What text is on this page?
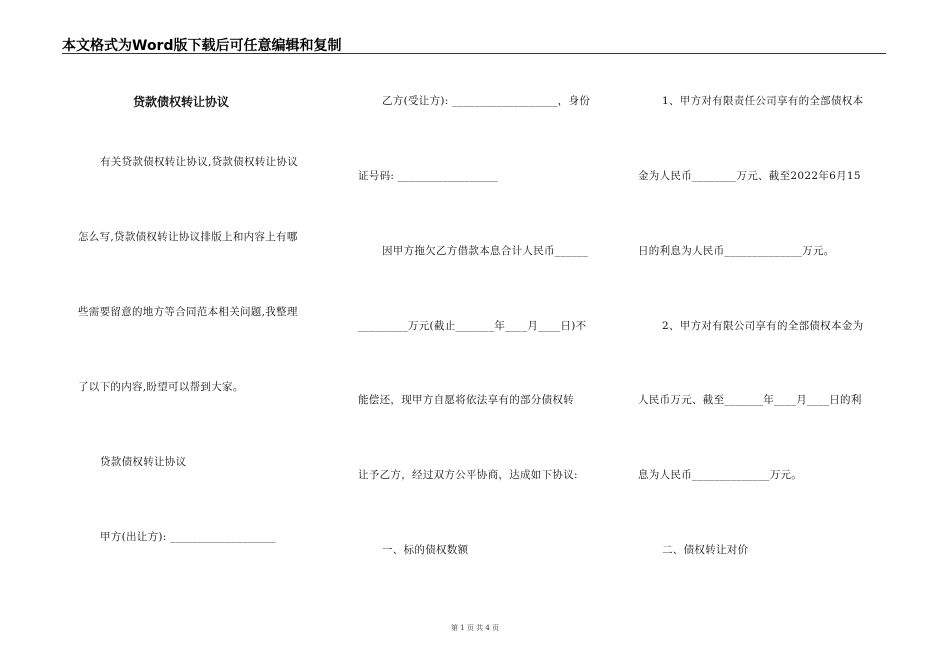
本文格式为Word版下载后可任意编辑和复制
贷款债权转让协议
有关贷款债权转让协议,贷款债权转让协议
怎么写,贷款债权转让协议排版上和内容上有哪
些需要留意的地方等合同范本相关问题,我整理
了以下的内容,盼望可以帮到大家。
贷款债权转让协议
甲方(出让方): ___________________
乙方(受让方): ___________________，身份
证号码: __________________
因甲方拖欠乙方借款本息合计人民币______
_________万元(截止_______年____月____日)不
能偿还，现甲方自愿将依法享有的部分债权转
让予乙方，经过双方公平协商，达成如下协议:
一、标的债权数额
1、甲方对有限责任公司享有的全部债权本
金为人民币________万元、截至2022年6月15
日的利息为人民币______________万元。
2、甲方对有限公司享有的全部债权本金为
人民币万元、截至_______年____月____日的利
息为人民币______________万元。
二、债权转让对价
第 1 页 共 4 页
